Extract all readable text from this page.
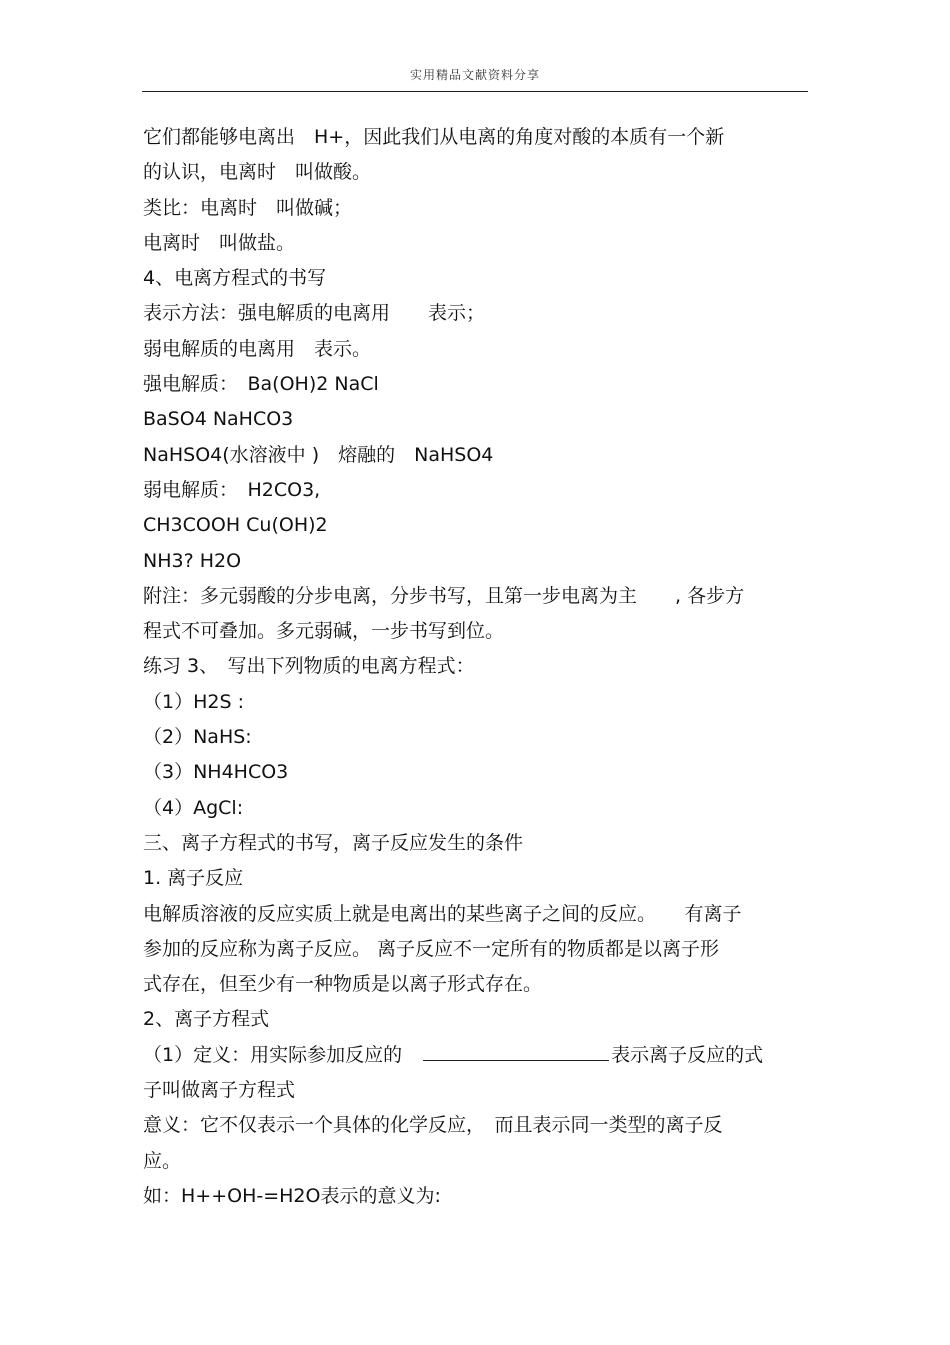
实用精品文献资料分享
它们都能够电离出　H+，因此我们从电离的角度对酸的本质有一个新
的认识，电离时　叫做酸。
类比：电离时　叫做碱；
电离时　叫做盐。
4、电离方程式的书写
表示方法：强电解质的电离用　　表示；
弱电解质的电离用　表示。
强电解质：　Ba(OH)2 NaCl
BaSO4 NaHCO3
NaHSO4(水溶液中 )　熔融的　NaHSO4
弱电解质：　H2CO3,
CH3COOH Cu(OH)2
NH3? H2O
附注：多元弱酸的分步电离，分步书写，且第一步电离为主　　, 各步方
程式不可叠加。多元弱碱，一步书写到位。
练习 3、　写出下列物质的电离方程式：
（1）H2S :
（2）NaHS:
（3）NH4HCO3
（4）AgCl:
三、离子方程式的书写，离子反应发生的条件
1. 离子反应
电解质溶液的反应实质上就是电离出的某些离子之间的反应。　　有离子
参加的反应称为离子反应。 离子反应不一定所有的物质都是以离子形
式存在，但至少有一种物质是以离子形式存在。
2、离子方程式
（1）定义：用实际参加反应的　	表示离子反应的式
子叫做离子方程式
意义：它不仅表示一个具体的化学反应，　而且表示同一类型的离子反
应。
如：H++OH-=H2O表示的意义为:
